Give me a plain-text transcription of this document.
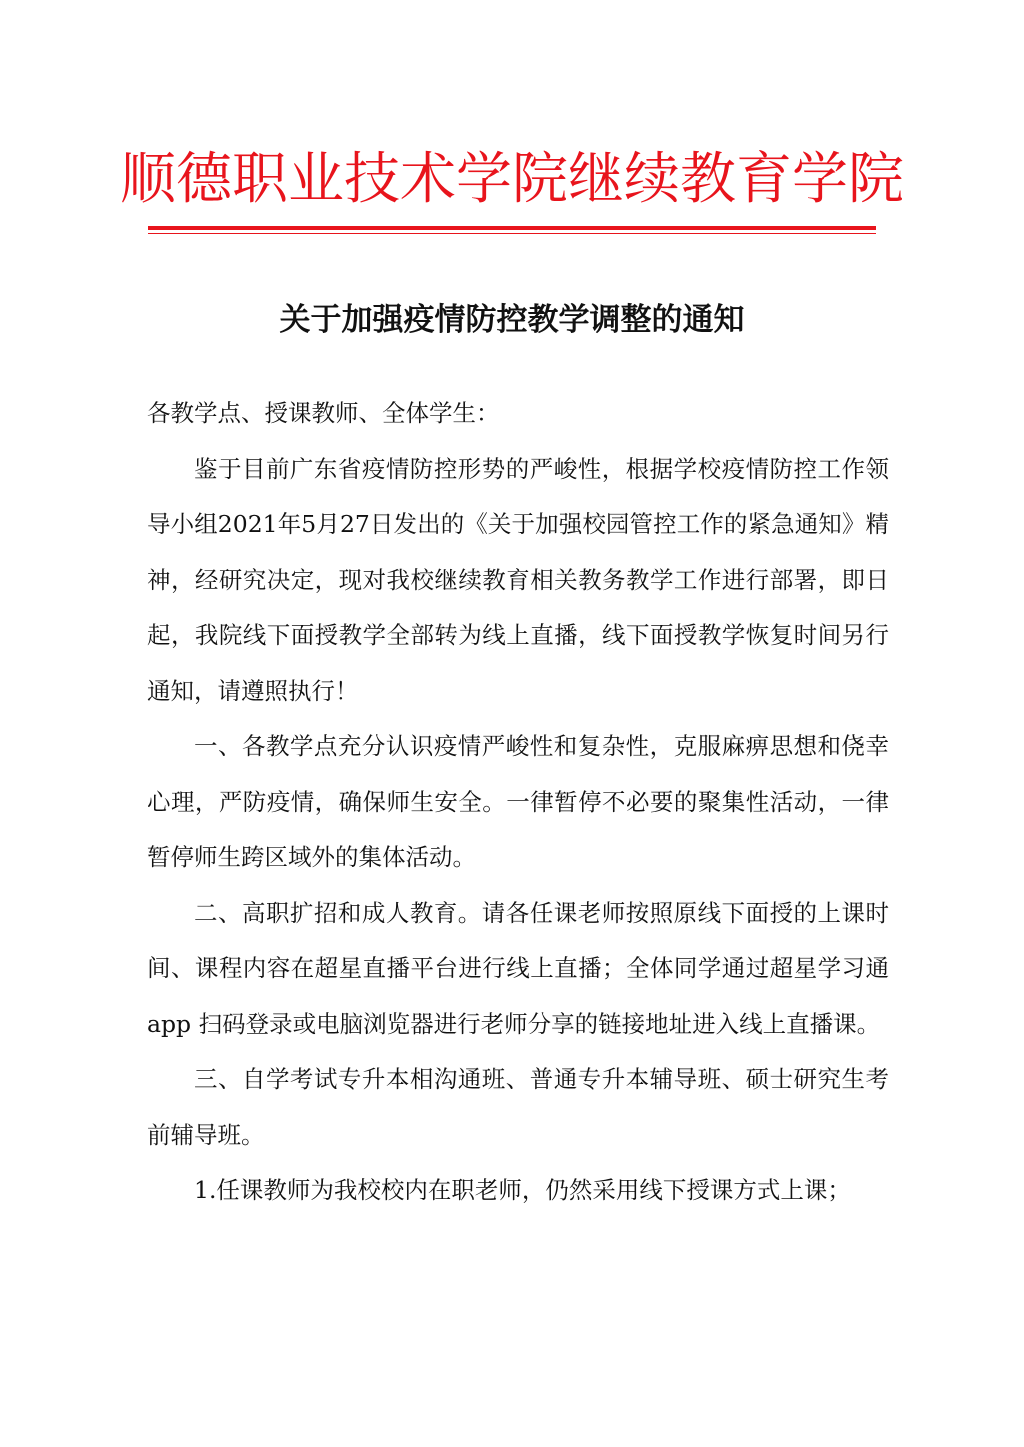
顺德职业技术学院继续教育学院
关于加强疫情防控教学调整的通知

各教学点、授课教师、全体学生：

鉴于目前广东省疫情防控形势的严峻性，根据学校疫情防控工作领导小组2021年5月27日发出的《关于加强校园管控工作的紧急通知》精神，经研究决定，现对我校继续教育相关教务教学工作进行部署，即日起，我院线下面授教学全部转为线上直播，线下面授教学恢复时间另行通知，请遵照执行！

一、各教学点充分认识疫情严峻性和复杂性，克服麻痹思想和侥幸心理，严防疫情，确保师生安全。一律暂停不必要的聚集性活动，一律暂停师生跨区域外的集体活动。

二、高职扩招和成人教育。请各任课老师按照原线下面授的上课时间、课程内容在超星直播平台进行线上直播；全体同学通过超星学习通 app 扫码登录或电脑浏览器进行老师分享的链接地址进入线上直播课。

三、自学考试专升本相沟通班、普通专升本辅导班、硕士研究生考前辅导班。

1.任课教师为我校校内在职老师，仍然采用线下授课方式上课；
